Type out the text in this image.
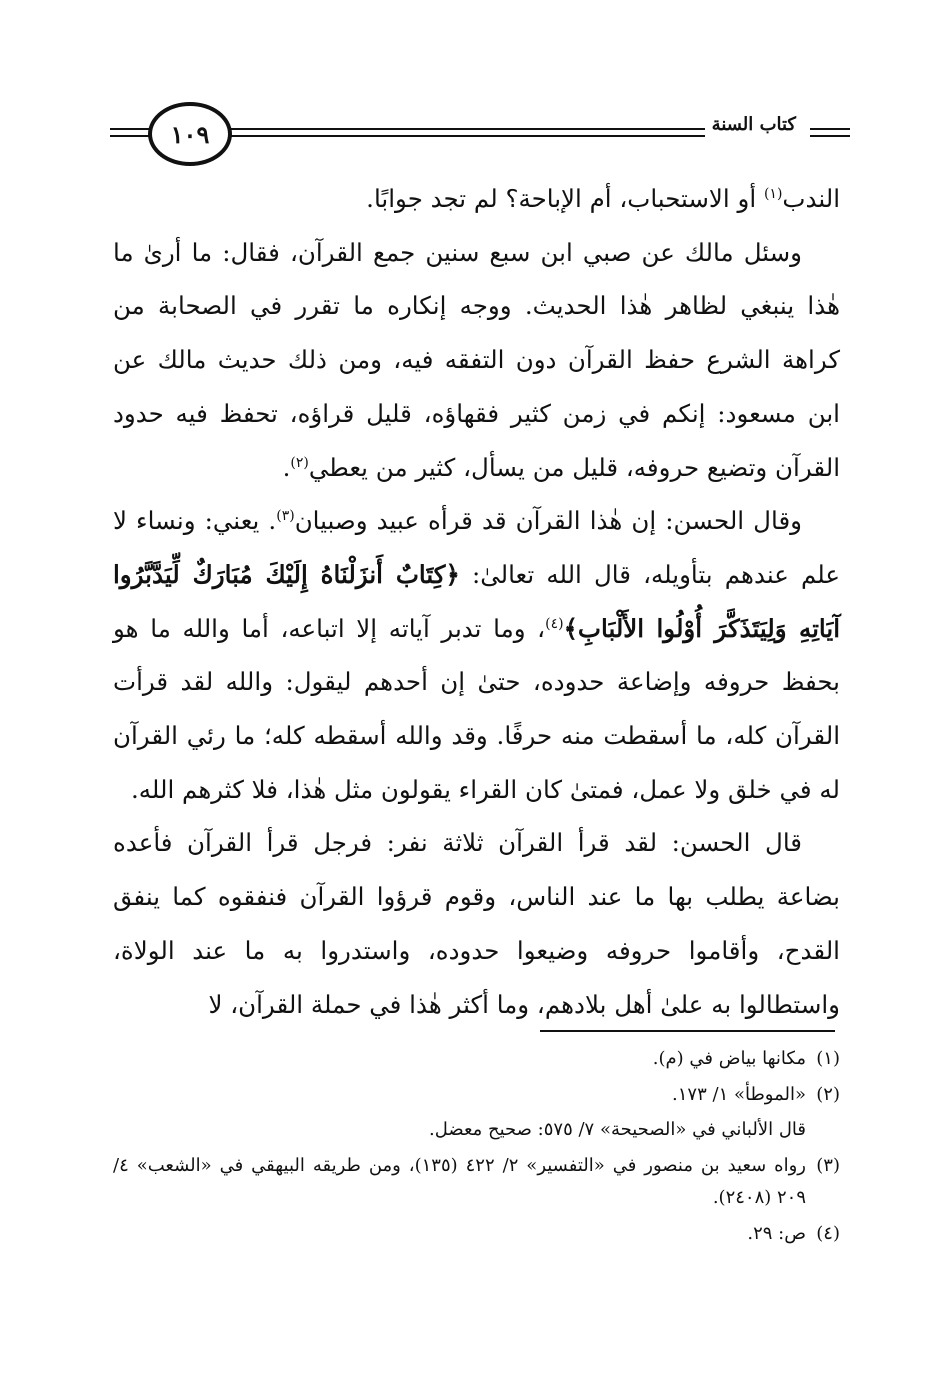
١٠٩	كتاب السنة

الندب$^{(١)}$ أو الاستحباب، أم الإباحة؟ لم تجد جوابًا.

وسئل مالك عن صبي ابن سبع سنين جمع القرآن، فقال: ما أرىٰ ما هٰذا ينبغي لظاهر هٰذا الحديث. ووجه إنكاره ما تقرر في الصحابة من كراهة الشرع حفظ القرآن دون التفقه فيه، ومن ذلك حديث مالك عن ابن مسعود: إنكم في زمن كثير فقهاؤه، قليل قراؤه، تحفظ فيه حدود القرآن وتضيع حروفه، قليل من يسأل، كثير من يعطي$^{(٢)}$.

وقال الحسن: إن هٰذا القرآن قد قرأه عبيد وصبيان$^{(٣)}$. يعني: ونساء لا علم عندهم بتأويله، قال الله تعالىٰ: ﴿كِتَابٌ أَنزَلْنَاهُ إِلَيْكَ مُبَارَكٌ لِّيَدَّبَّرُوا آيَاتِهِ وَلِيَتَذَكَّرَ أُوْلُوا الأَلْبَابِ﴾$^{(٤)}$، وما تدبر آياته إلا اتباعه، أما والله ما هو بحفظ حروفه وإضاعة حدوده، حتىٰ إن أحدهم ليقول: والله لقد قرأت القرآن كله، ما أسقطت منه حرفًا. وقد والله أسقطه كله؛ ما رئي القرآن له في خلق ولا عمل، فمتىٰ كان القراء يقولون مثل هٰذا، فلا كثرهم الله.

قال الحسن: لقد قرأ القرآن ثلاثة نفر: فرجل قرأ القرآن فأعده بضاعة يطلب بها ما عند الناس، وقوم قرؤوا القرآن فنفقوه كما ينفق القدح، وأقاموا حروفه وضيعوا حدوده، واستدروا به ما عند الولاة، واستطالوا به علىٰ أهل بلادهم، وما أكثر هٰذا في حملة القرآن، لا

(١)
مكانها بياض في (م).
(٢)
«الموطأ» ١/ ١٧٣.
قال الألباني في «الصحيحة» ٧/ ٥٧٥: صحيح معضل.
(٣)
رواه سعيد بن منصور في «التفسير» ٢/ ٤٢٢ (١٣٥)، ومن طريقه البيهقي في «الشعب» ٤/ ٢٠٩ (٢٤٠٨).
(٤)
ص: ٢٩.
